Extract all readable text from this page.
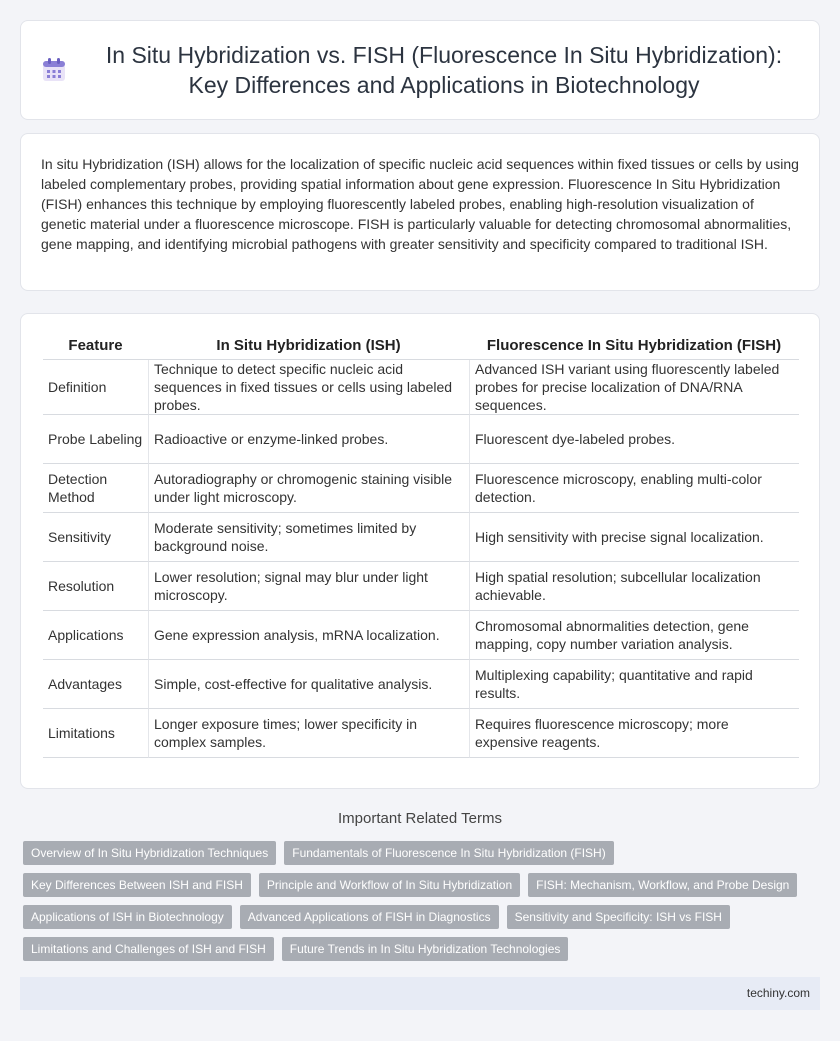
In Situ Hybridization vs. FISH (Fluorescence In Situ Hybridization): Key Differences and Applications in Biotechnology

In situ Hybridization (ISH) allows for the localization of specific nucleic acid sequences within fixed tissues or cells by using labeled complementary probes, providing spatial information about gene expression. Fluorescence In Situ Hybridization (FISH) enhances this technique by employing fluorescently labeled probes, enabling high-resolution visualization of genetic material under a fluorescence microscope. FISH is particularly valuable for detecting chromosomal abnormalities, gene mapping, and identifying microbial pathogens with greater sensitivity and specificity compared to traditional ISH.

Feature	In Situ Hybridization (ISH)	Fluorescence In Situ Hybridization (FISH)
Definition	Technique to detect specific nucleic acid sequences in fixed tissues or cells using labeled probes.	Advanced ISH variant using fluorescently labeled probes for precise localization of DNA/RNA sequences.
Probe Labeling	Radioactive or enzyme-linked probes.	Fluorescent dye-labeled probes.
Detection Method	Autoradiography or chromogenic staining visible under light microscopy.	Fluorescence microscopy, enabling multi-color detection.
Sensitivity	Moderate sensitivity; sometimes limited by background noise.	High sensitivity with precise signal localization.
Resolution	Lower resolution; signal may blur under light microscopy.	High spatial resolution; subcellular localization achievable.
Applications	Gene expression analysis, mRNA localization.	Chromosomal abnormalities detection, gene mapping, copy number variation analysis.
Advantages	Simple, cost-effective for qualitative analysis.	Multiplexing capability; quantitative and rapid results.
Limitations	Longer exposure times; lower specificity in complex samples.	Requires fluorescence microscopy; more expensive reagents.
Important Related Terms
Overview of In Situ Hybridization Techniques	Fundamentals of Fluorescence In Situ Hybridization (FISH)
Key Differences Between ISH and FISH	Principle and Workflow of In Situ Hybridization	FISH: Mechanism, Workflow, and Probe Design
Applications of ISH in Biotechnology	Advanced Applications of FISH in Diagnostics	Sensitivity and Specificity: ISH vs FISH
Limitations and Challenges of ISH and FISH	Future Trends in In Situ Hybridization Technologies
techiny.com
